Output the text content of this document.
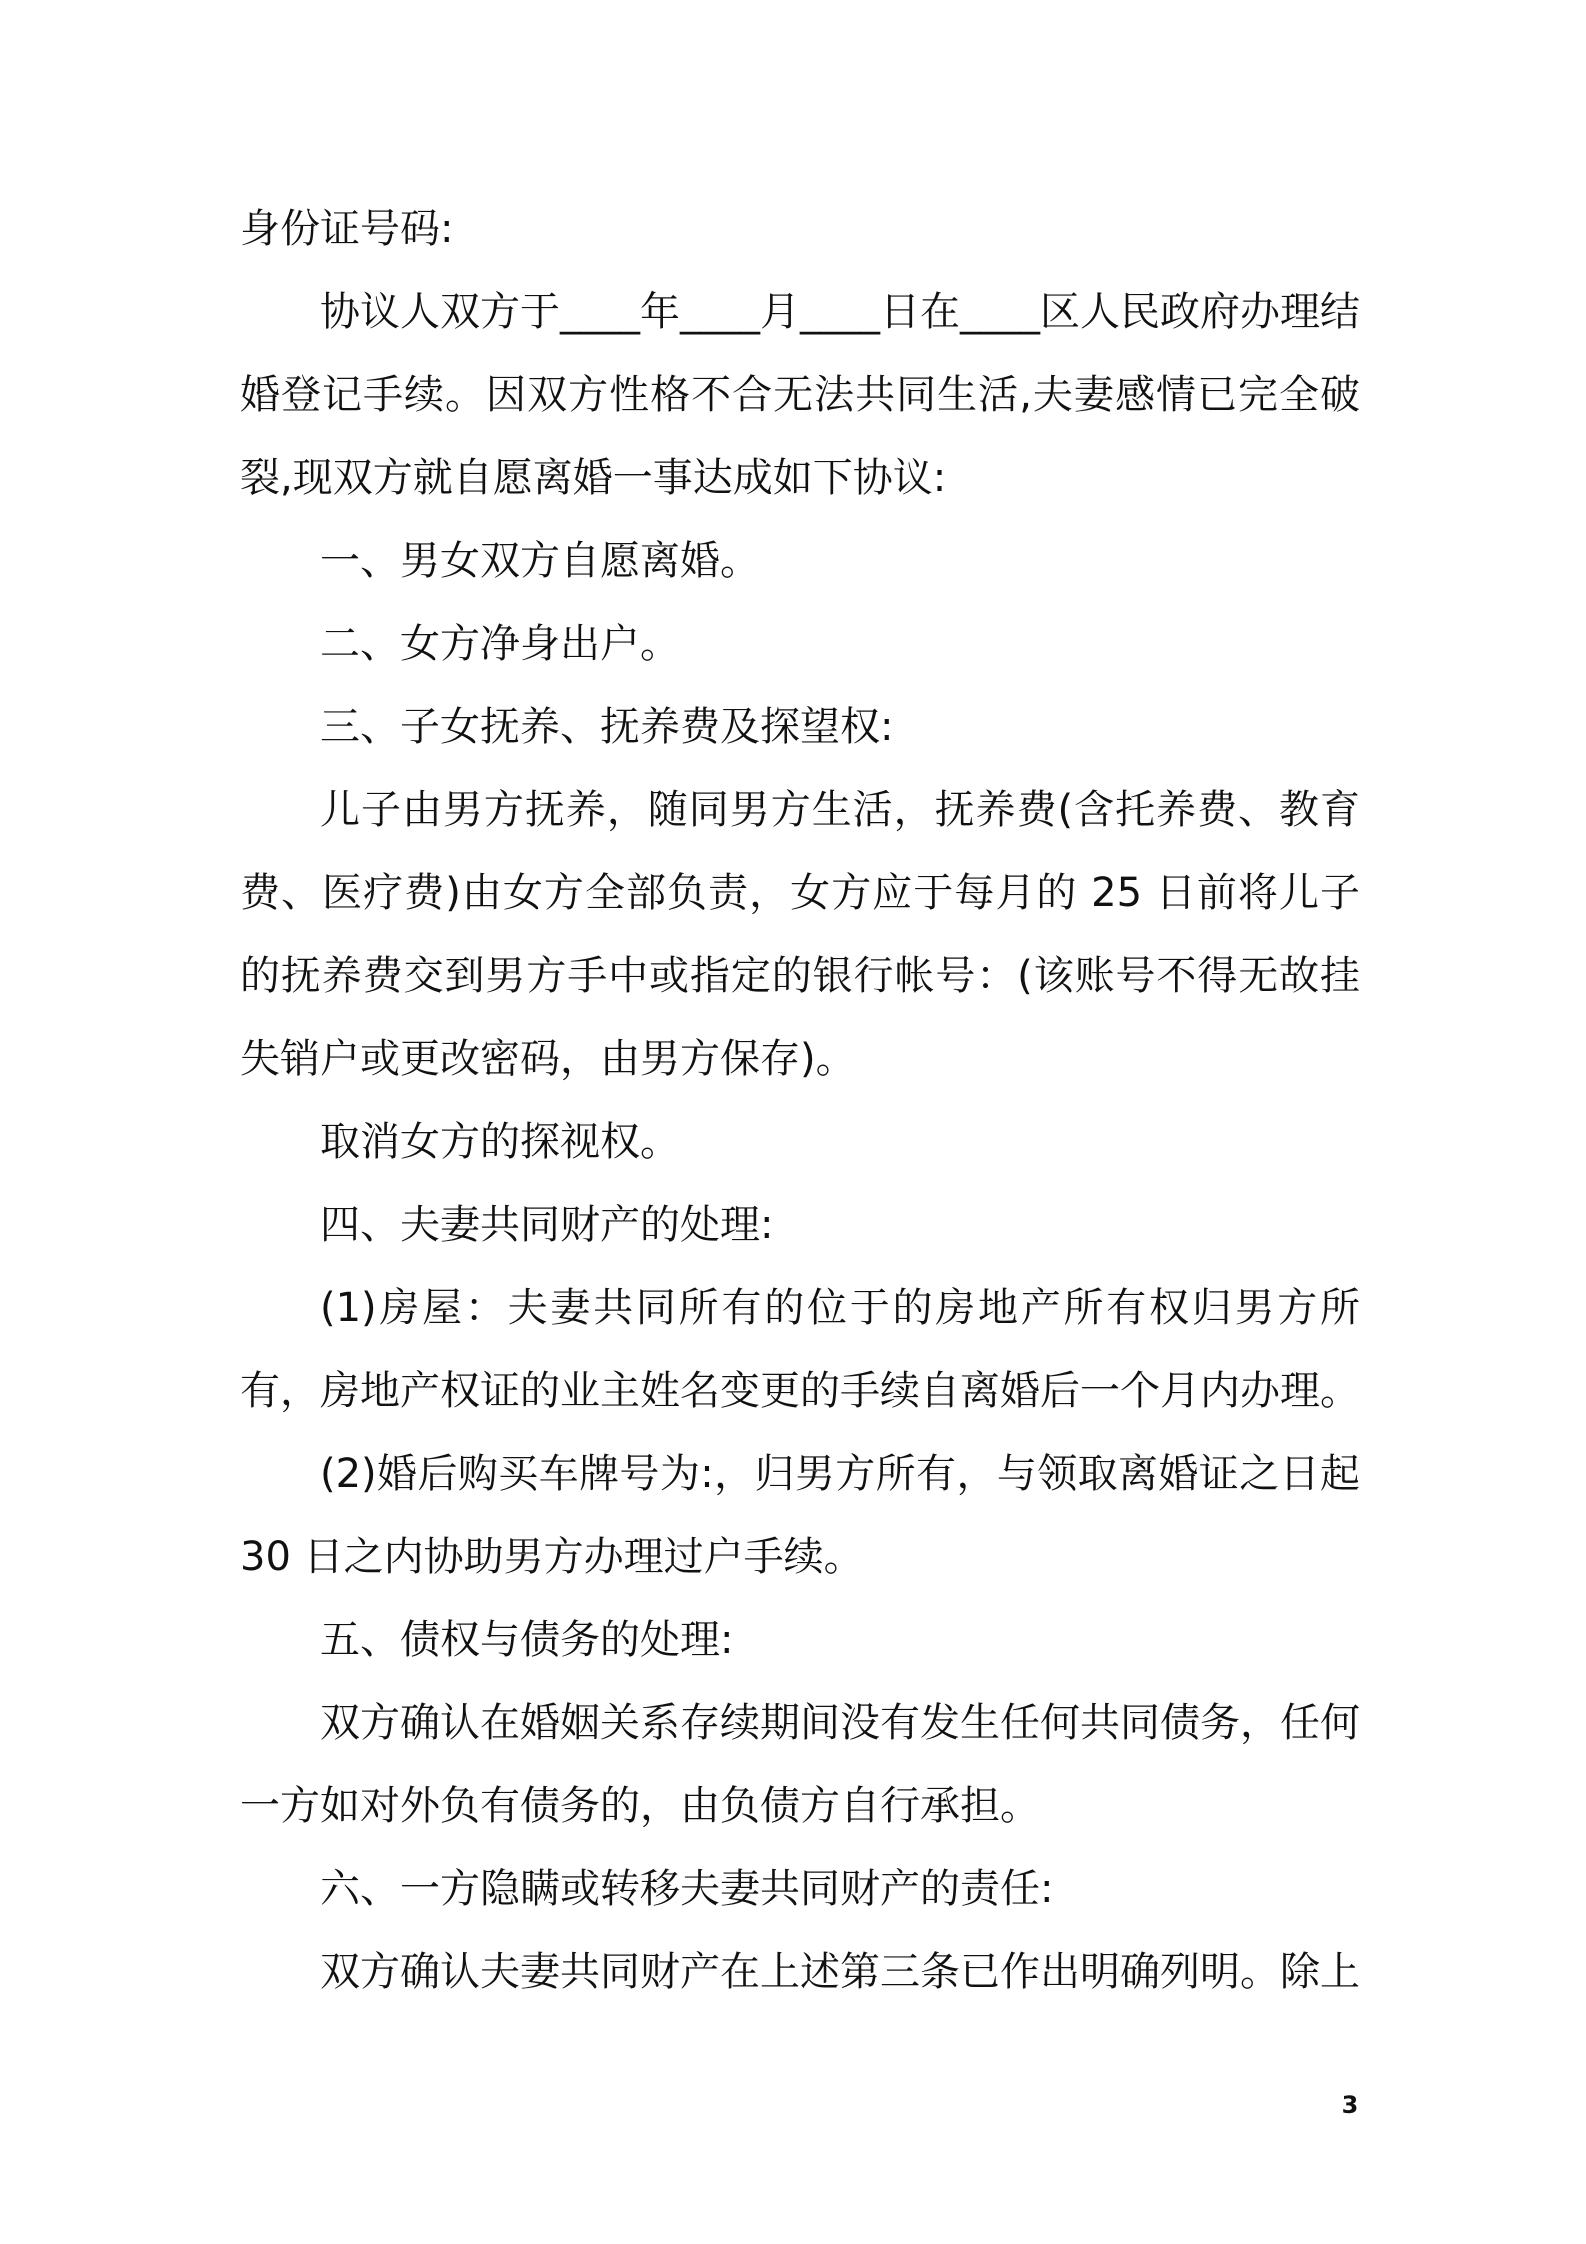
身份证号码:

协议人双方于____年____月____日在____区人民政府办理结婚登记手续。因双方性格不合无法共同生活,夫妻感情已完全破裂,现双方就自愿离婚一事达成如下协议:

一、男女双方自愿离婚。

二、女方净身出户。

三、子女抚养、抚养费及探望权:

儿子由男方抚养，随同男方生活，抚养费(含托养费、教育费、医疗费)由女方全部负责，女方应于每月的 25 日前将儿子的抚养费交到男方手中或指定的银行帐号：(该账号不得无故挂失销户或更改密码，由男方保存)。

取消女方的探视权。

四、夫妻共同财产的处理:

(1)房屋：夫妻共同所有的位于的房地产所有权归男方所有，房地产权证的业主姓名变更的手续自离婚后一个月内办理。

(2)婚后购买车牌号为:，归男方所有，与领取离婚证之日起 30 日之内协助男方办理过户手续。

五、债权与债务的处理:

双方确认在婚姻关系存续期间没有发生任何共同债务，任何一方如对外负有债务的，由负债方自行承担。

六、一方隐瞒或转移夫妻共同财产的责任:

双方确认夫妻共同财产在上述第三条已作出明确列明。除上

3
